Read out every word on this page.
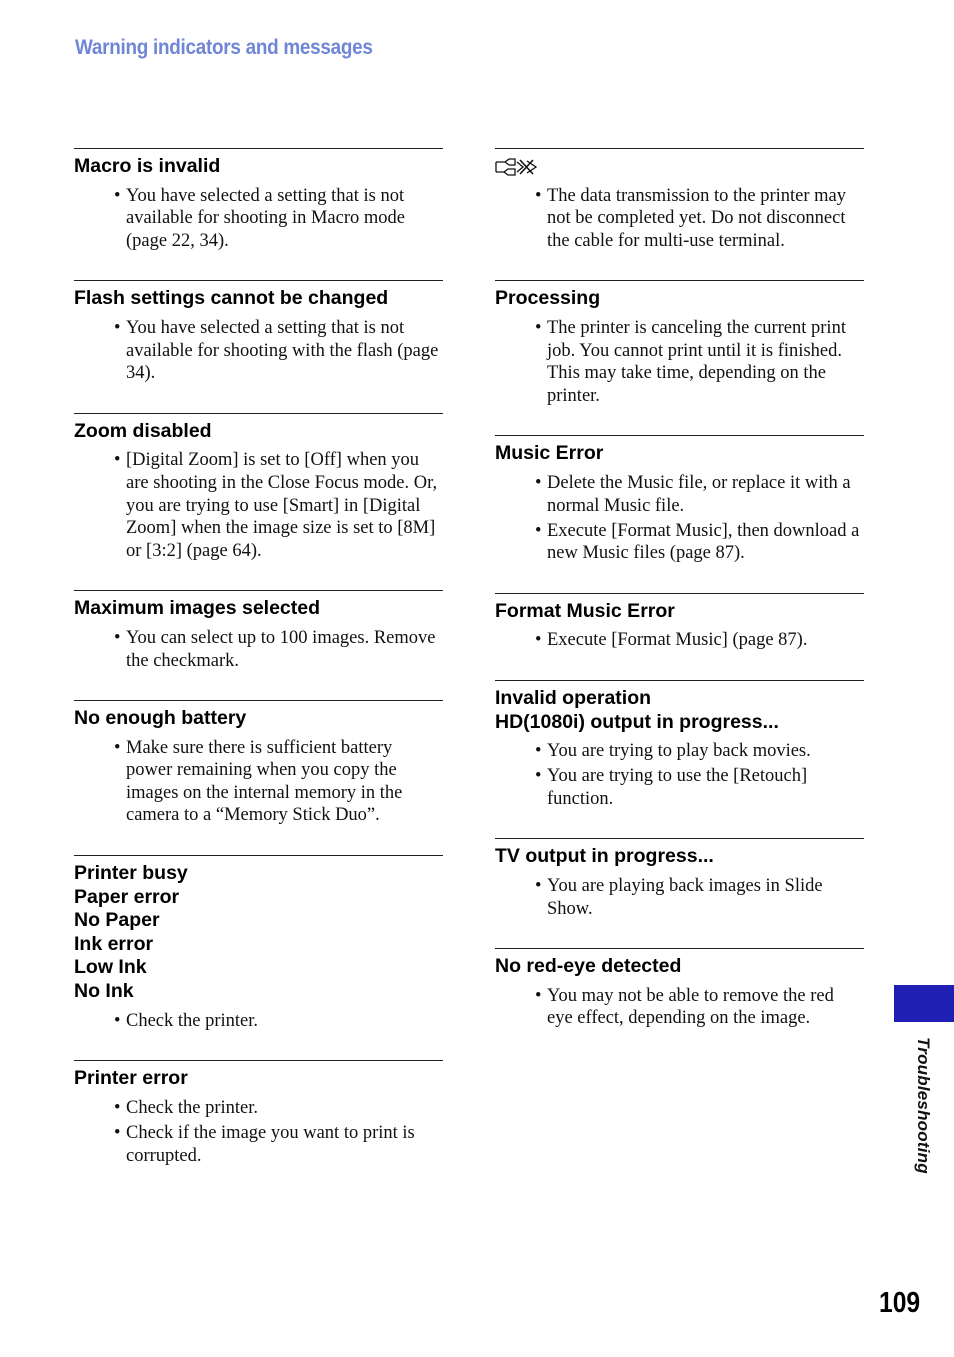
Warning indicators and messages
Macro is invalid
• You have selected a setting that is not available for shooting in Macro mode (page 22, 34).
Flash settings cannot be changed
• You have selected a setting that is not available for shooting with the flash (page 34).
Zoom disabled
• [Digital Zoom] is set to [Off] when you are shooting in the Close Focus mode. Or, you are trying to use [Smart] in [Digital Zoom] when the image size is set to [8M] or [3:2] (page 64).
Maximum images selected
• You can select up to 100 images. Remove the checkmark.
No enough battery
• Make sure there is sufficient battery power remaining when you copy the images on the internal memory in the camera to a “Memory Stick Duo”.
Printer busy
Paper error
No Paper
Ink error
Low Ink
No Ink
• Check the printer.
Printer error
• Check the printer.
• Check if the image you want to print is corrupted.
• The data transmission to the printer may not be completed yet. Do not disconnect the cable for multi-use terminal.
Processing
• The printer is canceling the current print job. You cannot print until it is finished. This may take time, depending on the printer.
Music Error
• Delete the Music file, or replace it with a normal Music file.
• Execute [Format Music], then download a new Music files (page 87).
Format Music Error
• Execute [Format Music] (page 87).
Invalid operation
HD(1080i) output in progress...
• You are trying to play back movies.
• You are trying to use the [Retouch] function.
TV output in progress...
• You are playing back images in Slide Show.
No red-eye detected
• You may not be able to remove the red eye effect, depending on the image.
Troubleshooting
109
